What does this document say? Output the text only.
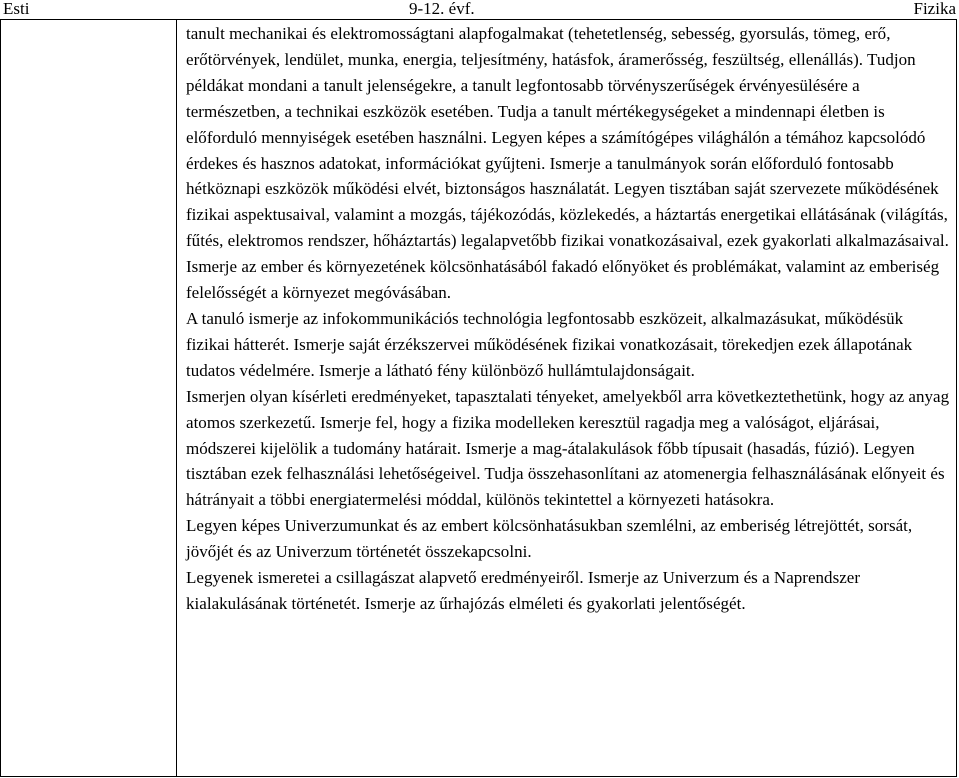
Esti	9-12. évf.	Fizika

tanult mechanikai és elektromosságtani alapfogalmakat (tehetetlenség, sebesség, gyorsulás, tömeg, erő, erőtörvények, lendület, munka, energia, teljesítmény, hatásfok, áramerősség, feszültség, ellenállás). Tudjon példákat mondani a tanult jelenségekre, a tanult legfontosabb törvényszerűségek érvényesülésére a természetben, a technikai eszközök esetében. Tudja a tanult mértékegységeket a mindennapi életben is előforduló mennyiségek esetében használni. Legyen képes a számítógépes világhálón a témához kapcsolódó érdekes és hasznos adatokat, információkat gyűjteni. Ismerje a tanulmányok során előforduló fontosabb hétköznapi eszközök működési elvét, biztonságos használatát. Legyen tisztában saját szervezete működésének fizikai aspektusaival, valamint a mozgás, tájékozódás, közlekedés, a háztartás energetikai ellátásának (világítás, fűtés, elektromos rendszer, hőháztartás) legalapvetőbb fizikai vonatkozásaival, ezek gyakorlati alkalmazásaival. Ismerje az ember és környezetének kölcsönhatásából fakadó előnyöket és problémákat, valamint az emberiség felelősségét a környezet megóvásában.

A tanuló ismerje az infokommunikációs technológia legfontosabb eszközeit, alkalmazásukat, működésük fizikai hátterét. Ismerje saját érzékszervei működésének fizikai vonatkozásait, törekedjen ezek állapotának tudatos védelmére. Ismerje a látható fény különböző hullámtulajdonságait.

Ismerjen olyan kísérleti eredményeket, tapasztalati tényeket, amelyekből arra következtethetünk, hogy az anyag atomos szerkezetű. Ismerje fel, hogy a fizika modelleken keresztül ragadja meg a valóságot, eljárásai, módszerei kijelölik a tudomány határait. Ismerje a mag-átalakulások főbb típusait (hasadás, fúzió). Legyen tisztában ezek felhasználási lehetőségeivel. Tudja összehasonlítani az atomenergia felhasználásának előnyeit és hátrányait a többi energiatermelési móddal, különös tekintettel a környezeti hatásokra.

Legyen képes Univerzumunkat és az embert kölcsönhatásukban szemlélni, az emberiség létrejöttét, sorsát, jövőjét és az Univerzum történetét összekapcsolni.

Legyenek ismeretei a csillagászat alapvető eredményeiről. Ismerje az Univerzum és a Naprendszer kialakulásának történetét. Ismerje az űrhajózás elméleti és gyakorlati jelentőségét.
